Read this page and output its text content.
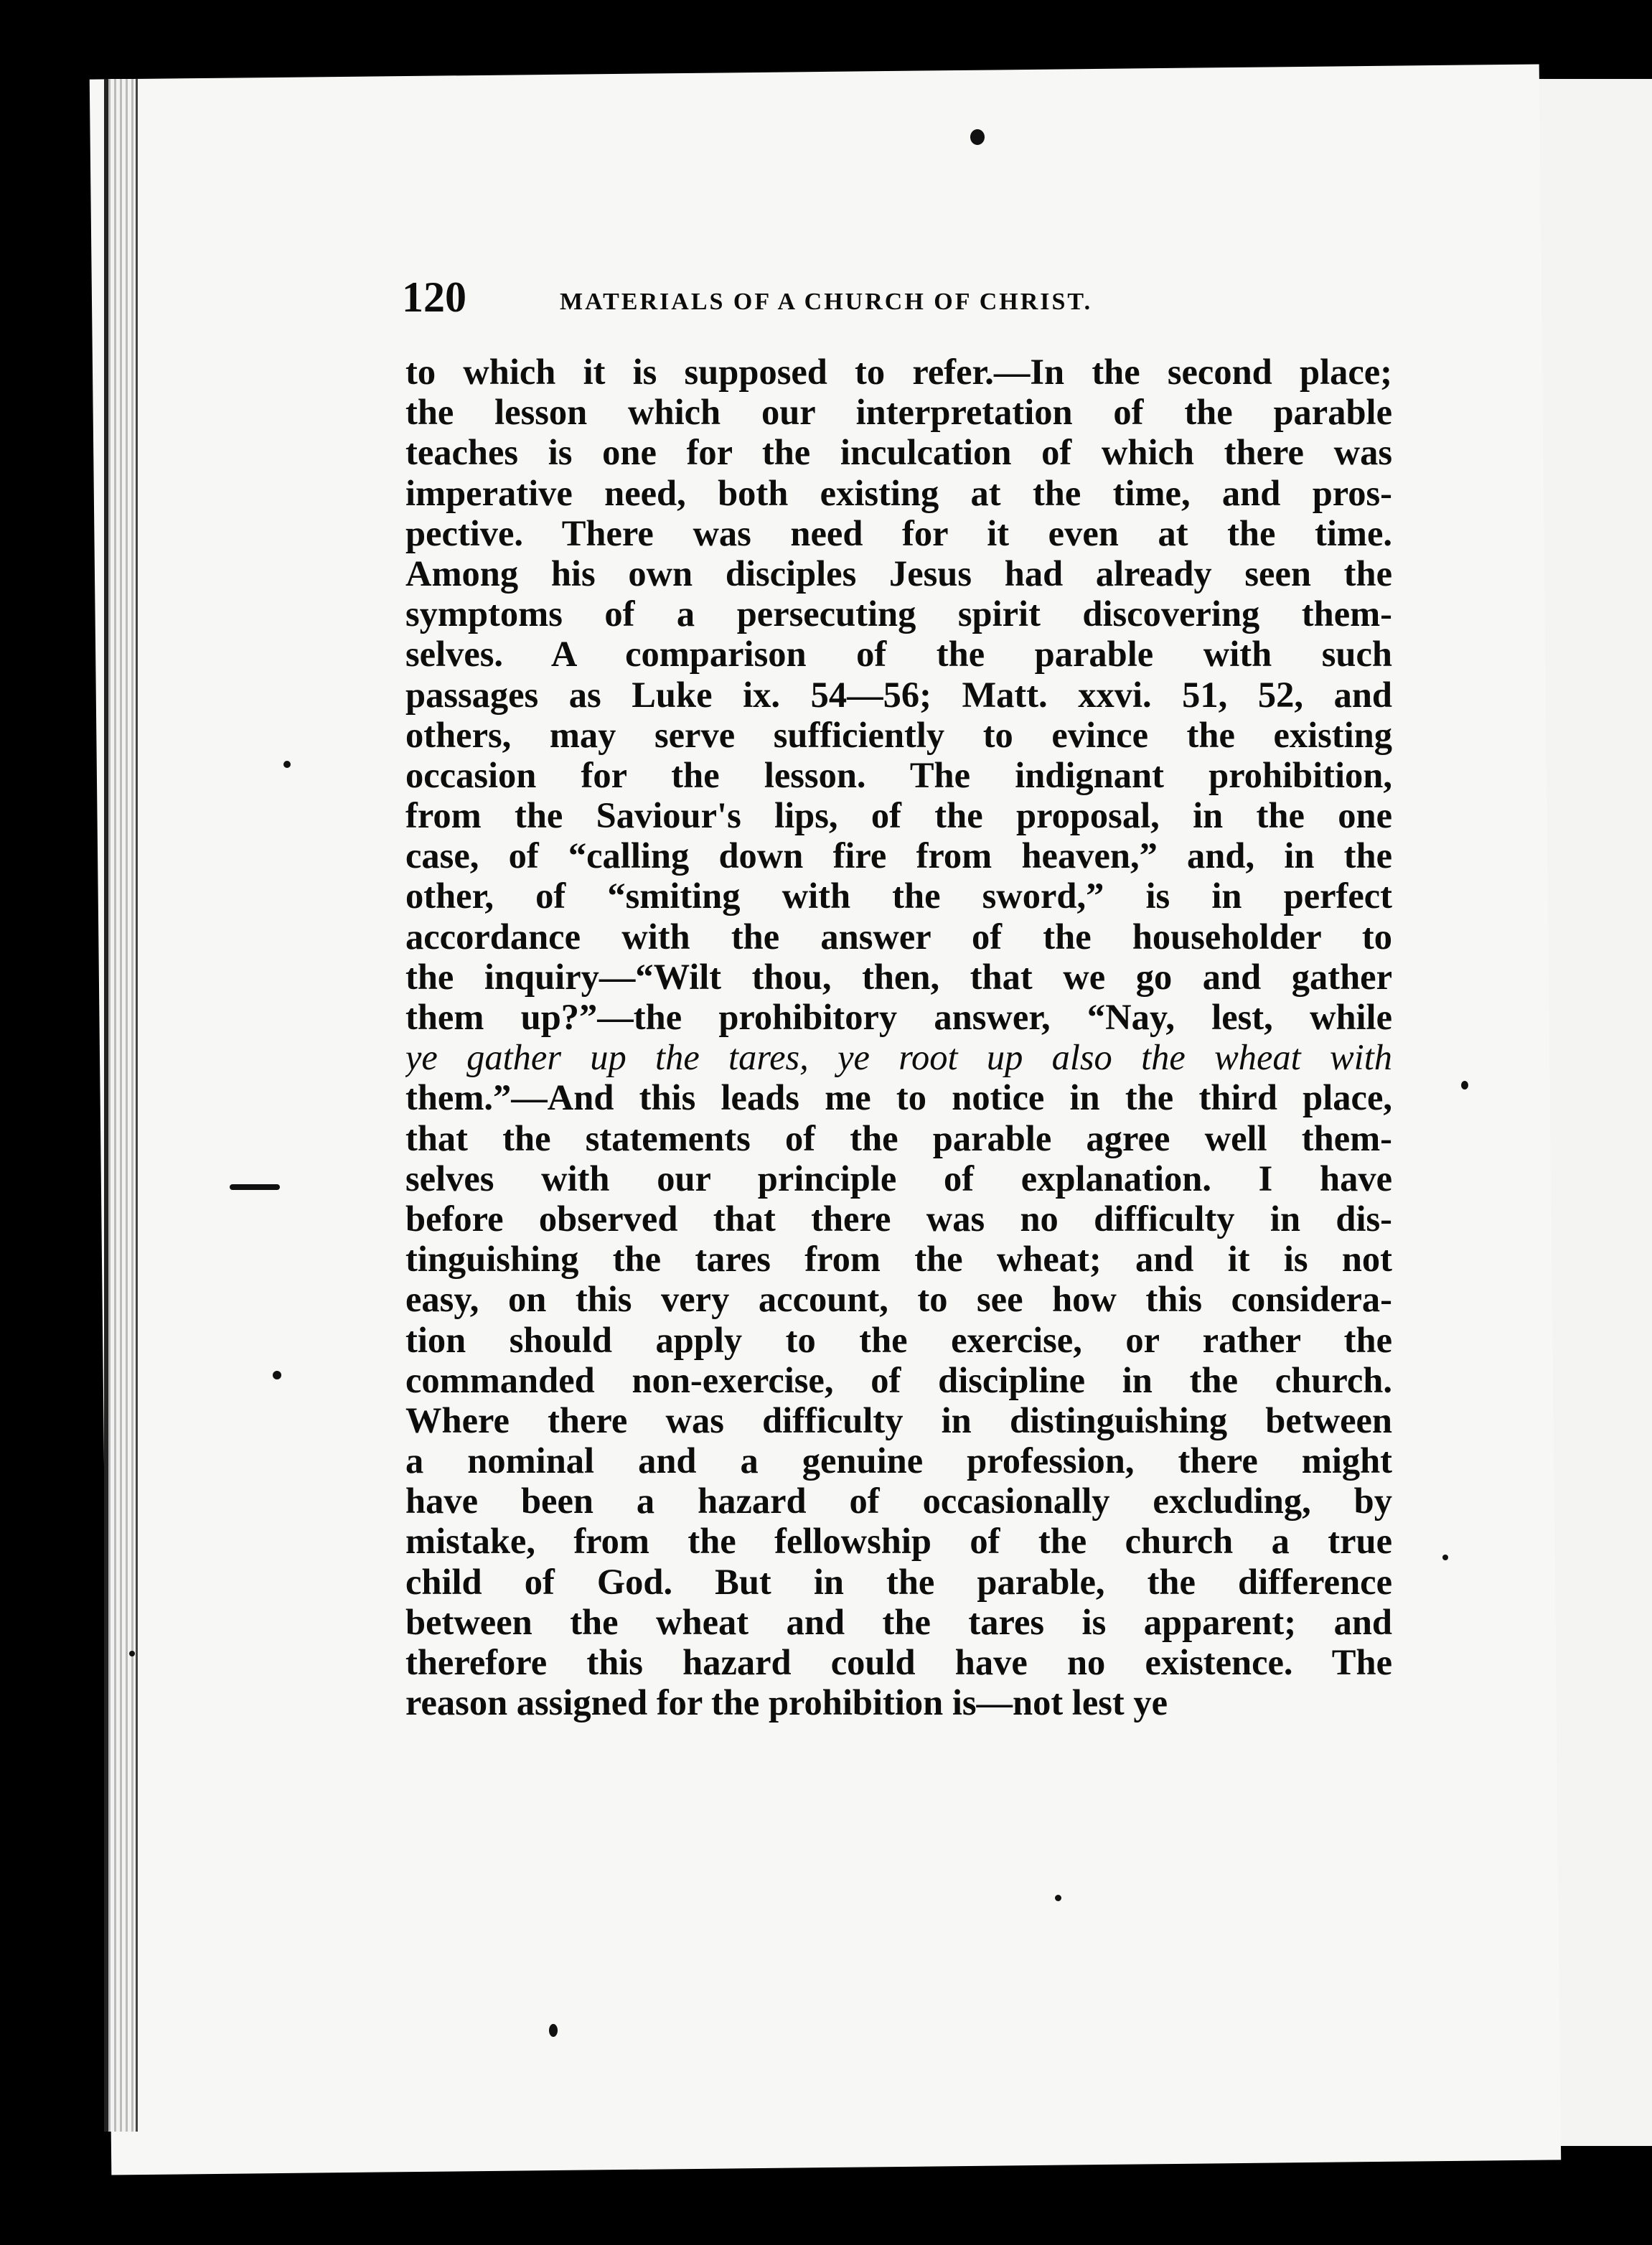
120	MATERIALS OF A CHURCH OF CHRIST.
to which it is supposed to refer.—In the second place;
the lesson which our interpretation of the parable
teaches is one for the inculcation of which there was
imperative need, both existing at the time, and pros-
pective. There was need for it even at the time.
Among his own disciples Jesus had already seen the
symptoms of a persecuting spirit discovering them-
selves. A comparison of the parable with such
passages as Luke ix. 54—56; Matt. xxvi. 51, 52, and
others, may serve sufficiently to evince the existing
occasion for the lesson. The indignant prohibition,
from the Saviour's lips, of the proposal, in the one
case, of “calling down fire from heaven,” and, in the
other, of “smiting with the sword,” is in perfect
accordance with the answer of the householder to
the inquiry—“Wilt thou, then, that we go and gather
them up?”—the prohibitory answer, “Nay, lest, while
ye gather up the tares, ye root up also the wheat with
them.”—And this leads me to notice in the third place,
that the statements of the parable agree well them-
selves with our principle of explanation. I have
before observed that there was no difficulty in dis-
tinguishing the tares from the wheat; and it is not
easy, on this very account, to see how this considera-
tion should apply to the exercise, or rather the
commanded non-exercise, of discipline in the church.
Where there was difficulty in distinguishing between
a nominal and a genuine profession, there might
have been a hazard of occasionally excluding, by
mistake, from the fellowship of the church a true
child of God. But in the parable, the difference
between the wheat and the tares is apparent; and
therefore this hazard could have no existence. The
reason assigned for the prohibition is—not lest ye
